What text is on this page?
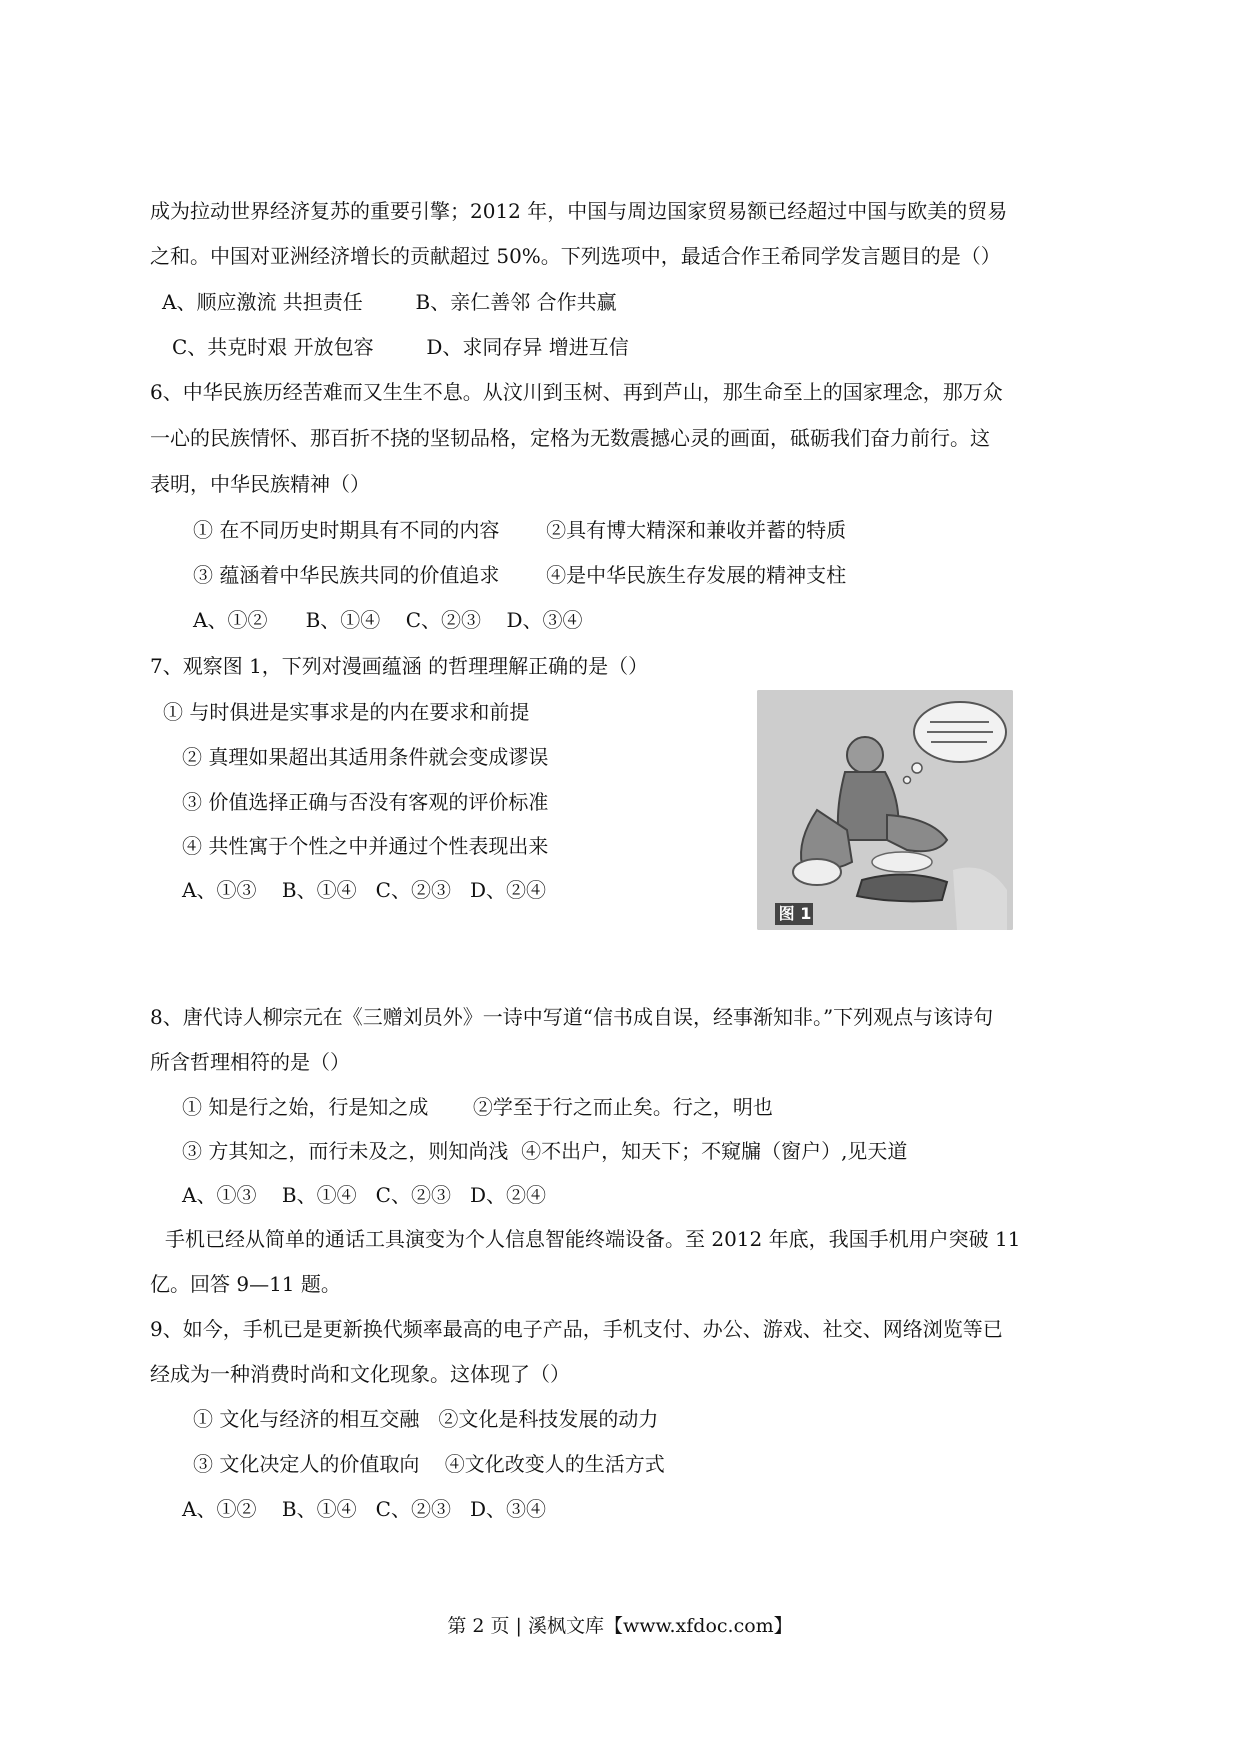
成为拉动世界经济复苏的重要引擎；2012 年，中国与周边国家贸易额已经超过中国与欧美的贸易
之和。中国对亚洲经济增长的贡献超过 50%。下列选项中，最适合作王希同学发言题目的是（）
A、顺应激流 共担责任	B、亲仁善邻 合作共赢
C、共克时艰 开放包容	D、求同存异 增进互信
6、中华民族历经苦难而又生生不息。从汶川到玉树、再到芦山，那生命至上的国家理念，那万众
一心的民族情怀、那百折不挠的坚韧品格，定格为无数震撼心灵的画面，砥砺我们奋力前行。这
表明，中华民族精神（）
① 在不同历史时期具有不同的内容 ②具有博大精深和兼收并蓄的特质
③ 蕴涵着中华民族共同的价值追求 ④是中华民族生存发展的精神支柱
A、①②      B、①④    C、②③    D、③④
7、观察图 1，下列对漫画蕴涵 的哲理理解正确的是（）
① 与时俱进是实事求是的内在要求和前提
② 真理如果超出其适用条件就会变成谬误
③ 价值选择正确与否没有客观的评价标准
④ 共性寓于个性之中并通过个性表现出来
A、①③    B、①④   C、②③   D、②④
图 1
8、唐代诗人柳宗元在《三赠刘员外》一诗中写道“信书成自误，经事渐知非。”下列观点与该诗句
所含哲理相符的是（）
① 知是行之始，行是知之成       ②学至于行之而止矣。行之，明也
③ 方其知之，而行未及之，则知尚浅  ④不出户，知天下；不窥牖（窗户）,见天道
A、①③    B、①④   C、②③   D、②④
手机已经从简单的通话工具演变为个人信息智能终端设备。至 2012 年底，我国手机用户突破 11
亿。回答 9—11 题。
9、如今，手机已是更新换代频率最高的电子产品，手机支付、办公、游戏、社交、网络浏览等已
经成为一种消费时尚和文化现象。这体现了（）
① 文化与经济的相互交融   ②文化是科技发展的动力
③ 文化决定人的价值取向    ④文化改变人的生活方式
A、①②    B、①④   C、②③   D、③④
第 2 页 | 溪枫文库【www.xfdoc.com】
